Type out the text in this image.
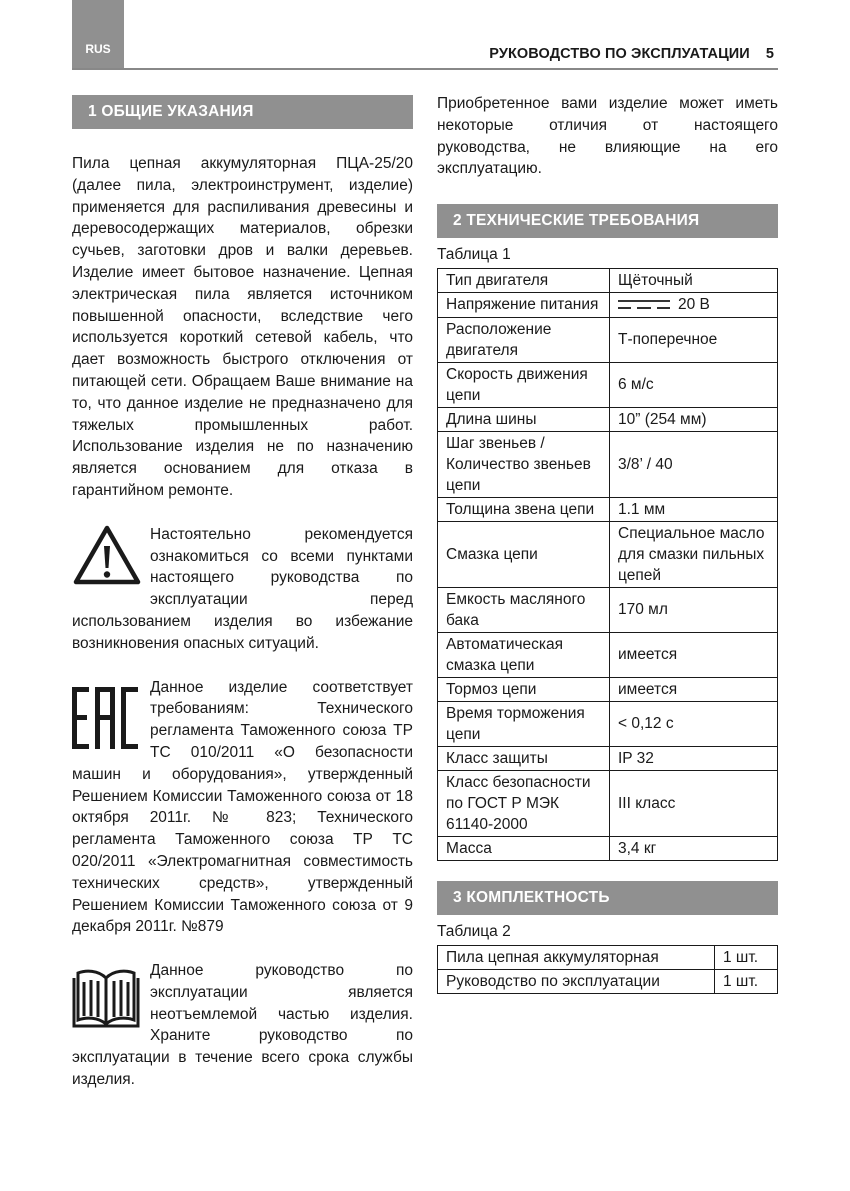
RUS	РУКОВОДСТВО ПО ЭКСПЛУАТАЦИИ 5
1 ОБЩИЕ УКАЗАНИЯ

Пила цепная аккумуляторная ПЦА-25/20 (далее пила, электроинструмент, изделие) применяется для распиливания древесины и деревосодержащих материалов, обрезки сучьев, заготовки дров и валки деревьев. Изделие имеет бытовое назначение. Цепная электрическая пила является источником повышенной опасности, вследствие чего используется короткий сетевой кабель, что дает возможность быстрого отключения от питающей сети. Обращаем Ваше внимание на то, что данное изделие не предназначено для тяжелых промышленных работ. Использование изделия не по назначению является основанием для отказа в гарантийном ремонте.

Настоятельно рекомендуется ознакомиться со всеми пунктами настоящего руководства по эксплуатации перед использованием изделия во избежание возникновения опасных ситуаций.

Данное изделие соответствует требованиям: Технического регламента Таможенного союза ТР ТС 010/2011 «О безопасности машин и оборудования», утвержденный Решением Комиссии Таможенного союза от 18 октября 2011г. № 823; Технического регламента Таможенного союза ТР ТС 020/2011 «Электромагнитная совместимость технических средств», утвержденный Решением Комиссии Таможенного союза от 9 декабря 2011г. №879

Данное руководство по эксплуатации является неотъемлемой частью изделия. Храните руководство по эксплуатации в течение всего срока службы изделия.

Приобретенное вами изделие может иметь некоторые отличия от настоящего руководства, не влияющие на его эксплуатацию.

2 ТЕХНИЧЕСКИЕ ТРЕБОВАНИЯ
Таблица 1
Тип двигателя	Щёточный
Напряжение питания	20 В
Расположение двигателя	Т-поперечное
Скорость движения цепи	6 м/с
Длина шины	10” (254 мм)
Шаг звеньев / Количество звеньев цепи	3/8’ / 40
Толщина звена цепи	1.1 мм
Смазка цепи	Специальное масло для смазки пильных цепей
Емкость масляного бака	170 мл
Автоматическая смазка цепи	имеется
Тормоз цепи	имеется
Время торможения цепи	< 0,12 с
Класс защиты	IP 32
Класс безопасности по ГОСТ Р МЭК 61140-2000	III класс
Масса	3,4 кг
3 КОМПЛЕКТНОСТЬ
Таблица 2
Пила цепная аккумуляторная	1 шт.
Руководство по эксплуатации	1 шт.
